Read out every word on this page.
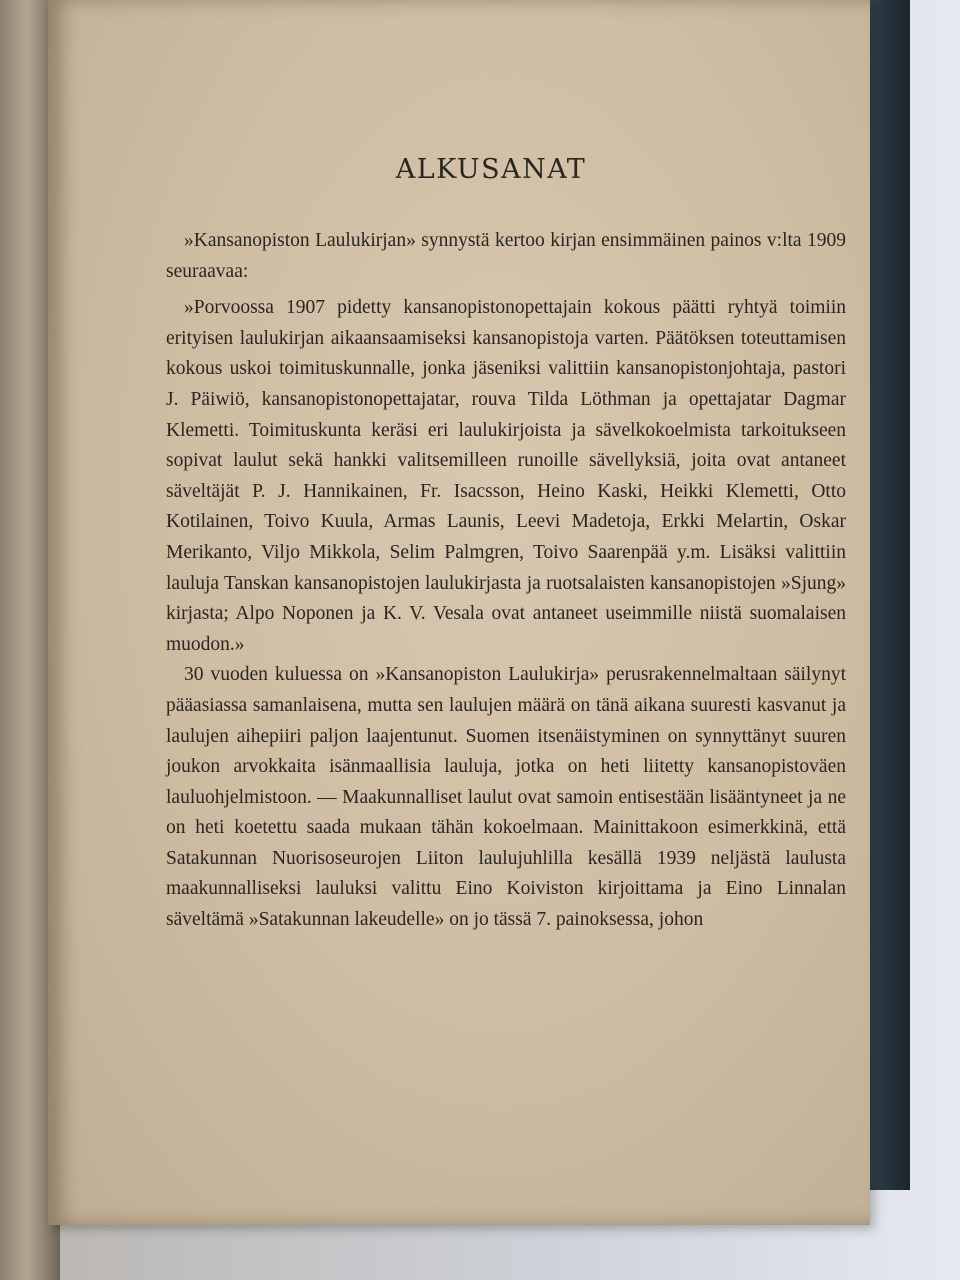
ALKUSANAT

»Kansanopiston Laulukirjan» synnystä kertoo kirjan ensimmäinen painos v:lta 1909 seuraavaa:

»Porvoossa 1907 pidetty kansanopistonopettajain kokous päätti ryhtyä toimiin erityisen laulukirjan aikaansaamiseksi kansanopistoja varten. Päätöksen toteuttamisen kokous uskoi toimituskunnalle, jonka jäseniksi valittiin kansanopistonjohtaja, pastori J. Päiwiö, kansanopistonopettajatar, rouva Tilda Löthman ja opettajatar Dagmar Klemetti. Toimituskunta keräsi eri laulukirjoista ja sävelkokoelmista tarkoitukseen sopivat laulut sekä hankki valitsemilleen runoille sävellyksiä, joita ovat antaneet säveltäjät P. J. Hannikainen, Fr. Isacsson, Heino Kaski, Heikki Klemetti, Otto Kotilainen, Toivo Kuula, Armas Launis, Leevi Madetoja, Erkki Melartin, Oskar Merikanto, Viljo Mikkola, Selim Palmgren, Toivo Saarenpää y.m. Lisäksi valittiin lauluja Tanskan kansanopistojen laulukirjasta ja ruotsalaisten kansanopistojen »Sjung» kirjasta; Alpo Noponen ja K. V. Vesala ovat antaneet useimmille niistä suomalaisen muodon.»

30 vuoden kuluessa on »Kansanopiston Laulukirja» perusrakennelmaltaan säilynyt pääasiassa samanlaisena, mutta sen laulujen määrä on tänä aikana suuresti kasvanut ja laulujen aihepiiri paljon laajentunut. Suomen itsenäistyminen on synnyttänyt suuren joukon arvokkaita isänmaallisia lauluja, jotka on heti liitetty kansanopistoväen lauluohjelmistoon. — Maakunnalliset laulut ovat samoin entisestään lisääntyneet ja ne on heti koetettu saada mukaan tähän kokoelmaan. Mainittakoon esimerkkinä, että Satakunnan Nuorisoseurojen Liiton laulujuhlilla kesällä 1939 neljästä laulusta maakunnalliseksi lauluksi valittu Eino Koiviston kirjoittama ja Eino Linnalan säveltämä »Satakunnan lakeudelle» on jo tässä 7. painoksessa, johon
